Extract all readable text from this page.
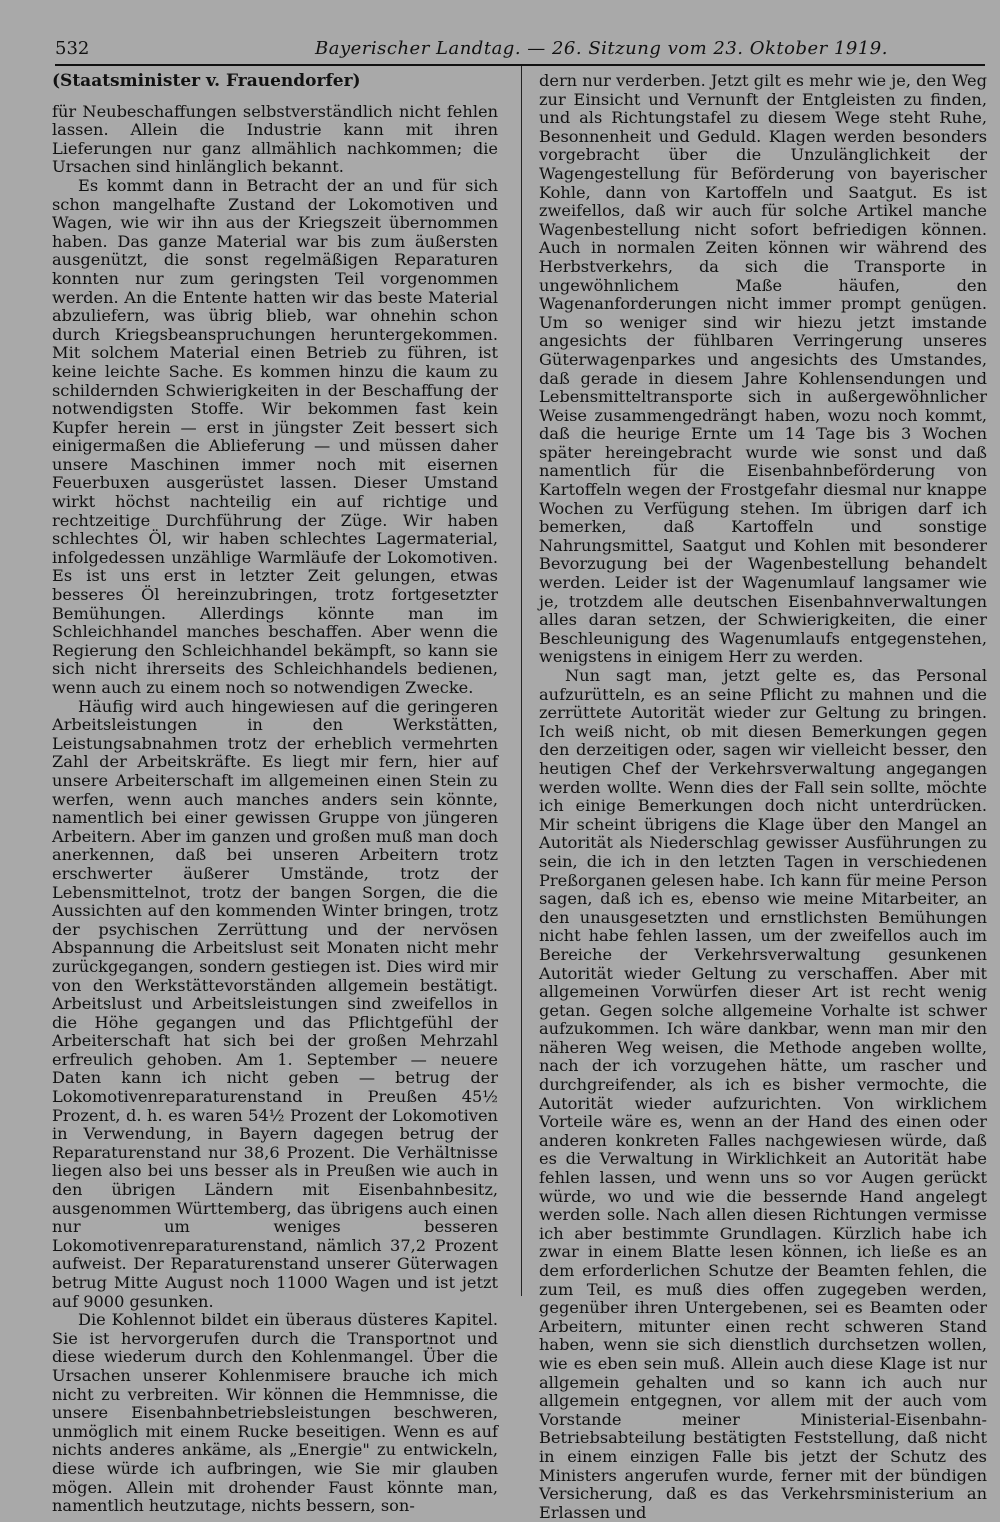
532	Bayerischer Landtag. — 26. Sitzung vom 23. Oktober 1919.

(Staatsminister v. Frauendorfer)

für Neubeschaffungen selbstverständlich nicht fehlen lassen. Allein die Industrie kann mit ihren Lieferungen nur ganz allmählich nachkommen; die Ursachen sind hinlänglich bekannt.

Es kommt dann in Betracht der an und für sich schon mangelhafte Zustand der Lokomotiven und Wagen, wie wir ihn aus der Kriegszeit übernommen haben. Das ganze Material war bis zum äußersten ausgenützt, die sonst regelmäßigen Reparaturen konnten nur zum geringsten Teil vorgenommen werden. An die Entente hatten wir das beste Material abzuliefern, was übrig blieb, war ohnehin schon durch Kriegsbeanspruchungen heruntergekommen. Mit solchem Material einen Betrieb zu führen, ist keine leichte Sache. Es kommen hinzu die kaum zu schildernden Schwierigkeiten in der Beschaffung der notwendigsten Stoffe. Wir bekommen fast kein Kupfer herein — erst in jüngster Zeit bessert sich einigermaßen die Ablieferung — und müssen daher unsere Maschinen immer noch mit eisernen Feuerbuxen ausgerüstet lassen. Dieser Umstand wirkt höchst nachteilig ein auf richtige und rechtzeitige Durchführung der Züge. Wir haben schlechtes Öl, wir haben schlechtes Lagermaterial, infolgedessen unzählige Warmläufe der Lokomotiven. Es ist uns erst in letzter Zeit gelungen, etwas besseres Öl hereinzubringen, trotz fortgesetzter Bemühungen. Allerdings könnte man im Schleichhandel manches beschaffen. Aber wenn die Regierung den Schleichhandel bekämpft, so kann sie sich nicht ihrerseits des Schleichhandels bedienen, wenn auch zu einem noch so notwendigen Zwecke.

Häufig wird auch hingewiesen auf die geringeren Arbeitsleistungen in den Werkstätten, Leistungsabnahmen trotz der erheblich vermehrten Zahl der Arbeitskräfte. Es liegt mir fern, hier auf unsere Arbeiterschaft im allgemeinen einen Stein zu werfen, wenn auch manches anders sein könnte, namentlich bei einer gewissen Gruppe von jüngeren Arbeitern. Aber im ganzen und großen muß man doch anerkennen, daß bei unseren Arbeitern trotz erschwerter äußerer Umstände, trotz der Lebensmittelnot, trotz der bangen Sorgen, die die Aussichten auf den kommenden Winter bringen, trotz der psychischen Zerrüttung und der nervösen Abspannung die Arbeitslust seit Monaten nicht mehr zurückgegangen, sondern gestiegen ist. Dies wird mir von den Werkstättevorständen allgemein bestätigt. Arbeitslust und Arbeitsleistungen sind zweifellos in die Höhe gegangen und das Pflichtgefühl der Arbeiterschaft hat sich bei der großen Mehrzahl erfreulich gehoben. Am 1. September — neuere Daten kann ich nicht geben — betrug der Lokomotivenreparaturenstand in Preußen 45½ Prozent, d. h. es waren 54½ Prozent der Lokomotiven in Verwendung, in Bayern dagegen betrug der Reparaturenstand nur 38,6 Prozent. Die Verhältnisse liegen also bei uns besser als in Preußen wie auch in den übrigen Ländern mit Eisenbahnbesitz, ausgenommen Württemberg, das übrigens auch einen nur um weniges besseren Lokomotivenreparaturenstand, nämlich 37,2 Prozent aufweist. Der Reparaturenstand unserer Güterwagen betrug Mitte August noch 11000 Wagen und ist jetzt auf 9000 gesunken.

Die Kohlennot bildet ein überaus düsteres Kapitel. Sie ist hervorgerufen durch die Transportnot und diese wiederum durch den Kohlenmangel. Über die Ursachen unserer Kohlenmisere brauche ich mich nicht zu verbreiten. Wir können die Hemmnisse, die unsere Eisenbahnbetriebsleistungen beschweren, unmöglich mit einem Rucke beseitigen. Wenn es auf nichts anderes ankäme, als „Energie" zu entwickeln, diese würde ich aufbringen, wie Sie mir glauben mögen. Allein mit drohender Faust könnte man, namentlich heutzutage, nichts bessern, son-

dern nur verderben. Jetzt gilt es mehr wie je, den Weg zur Einsicht und Vernunft der Entgleisten zu finden, und als Richtungstafel zu diesem Wege steht Ruhe, Besonnenheit und Geduld. Klagen werden besonders vorgebracht über die Unzulänglichkeit der Wagengestellung für Beförderung von bayerischer Kohle, dann von Kartoffeln und Saatgut. Es ist zweifellos, daß wir auch für solche Artikel manche Wagenbestellung nicht sofort befriedigen können. Auch in normalen Zeiten können wir während des Herbstverkehrs, da sich die Transporte in ungewöhnlichem Maße häufen, den Wagenanforderungen nicht immer prompt genügen. Um so weniger sind wir hiezu jetzt imstande angesichts der fühlbaren Verringerung unseres Güterwagenparkes und angesichts des Umstandes, daß gerade in diesem Jahre Kohlensendungen und Lebensmitteltransporte sich in außergewöhnlicher Weise zusammengedrängt haben, wozu noch kommt, daß die heurige Ernte um 14 Tage bis 3 Wochen später hereingebracht wurde wie sonst und daß namentlich für die Eisenbahnbeförderung von Kartoffeln wegen der Frostgefahr diesmal nur knappe Wochen zu Verfügung stehen. Im übrigen darf ich bemerken, daß Kartoffeln und sonstige Nahrungsmittel, Saatgut und Kohlen mit besonderer Bevorzugung bei der Wagenbestellung behandelt werden. Leider ist der Wagenumlauf langsamer wie je, trotzdem alle deutschen Eisenbahnverwaltungen alles daran setzen, der Schwierigkeiten, die einer Beschleunigung des Wagenumlaufs entgegenstehen, wenigstens in einigem Herr zu werden.

Nun sagt man, jetzt gelte es, das Personal aufzurütteln, es an seine Pflicht zu mahnen und die zerrüttete Autorität wieder zur Geltung zu bringen. Ich weiß nicht, ob mit diesen Bemerkungen gegen den derzeitigen oder, sagen wir vielleicht besser, den heutigen Chef der Verkehrsverwaltung angegangen werden wollte. Wenn dies der Fall sein sollte, möchte ich einige Bemerkungen doch nicht unterdrücken. Mir scheint übrigens die Klage über den Mangel an Autorität als Niederschlag gewisser Ausführungen zu sein, die ich in den letzten Tagen in verschiedenen Preßorganen gelesen habe. Ich kann für meine Person sagen, daß ich es, ebenso wie meine Mitarbeiter, an den unausgesetzten und ernstlichsten Bemühungen nicht habe fehlen lassen, um der zweifellos auch im Bereiche der Verkehrsverwaltung gesunkenen Autorität wieder Geltung zu verschaffen. Aber mit allgemeinen Vorwürfen dieser Art ist recht wenig getan. Gegen solche allgemeine Vorhalte ist schwer aufzukommen. Ich wäre dankbar, wenn man mir den näheren Weg weisen, die Methode angeben wollte, nach der ich vorzugehen hätte, um rascher und durchgreifender, als ich es bisher vermochte, die Autorität wieder aufzurichten. Von wirklichem Vorteile wäre es, wenn an der Hand des einen oder anderen konkreten Falles nachgewiesen würde, daß es die Verwaltung in Wirklichkeit an Autorität habe fehlen lassen, und wenn uns so vor Augen gerückt würde, wo und wie die bessernde Hand angelegt werden solle. Nach allen diesen Richtungen vermisse ich aber bestimmte Grundlagen. Kürzlich habe ich zwar in einem Blatte lesen können, ich ließe es an dem erforderlichen Schutze der Beamten fehlen, die zum Teil, es muß dies offen zugegeben werden, gegenüber ihren Untergebenen, sei es Beamten oder Arbeitern, mitunter einen recht schweren Stand haben, wenn sie sich dienstlich durchsetzen wollen, wie es eben sein muß. Allein auch diese Klage ist nur allgemein gehalten und so kann ich auch nur allgemein entgegnen, vor allem mit der auch vom Vorstande meiner Ministerial-Eisenbahn-Betriebsabteilung bestätigten Feststellung, daß nicht in einem einzigen Falle bis jetzt der Schutz des Ministers angerufen wurde, ferner mit der bündigen Versicherung, daß es das Verkehrsministerium an Erlassen und
